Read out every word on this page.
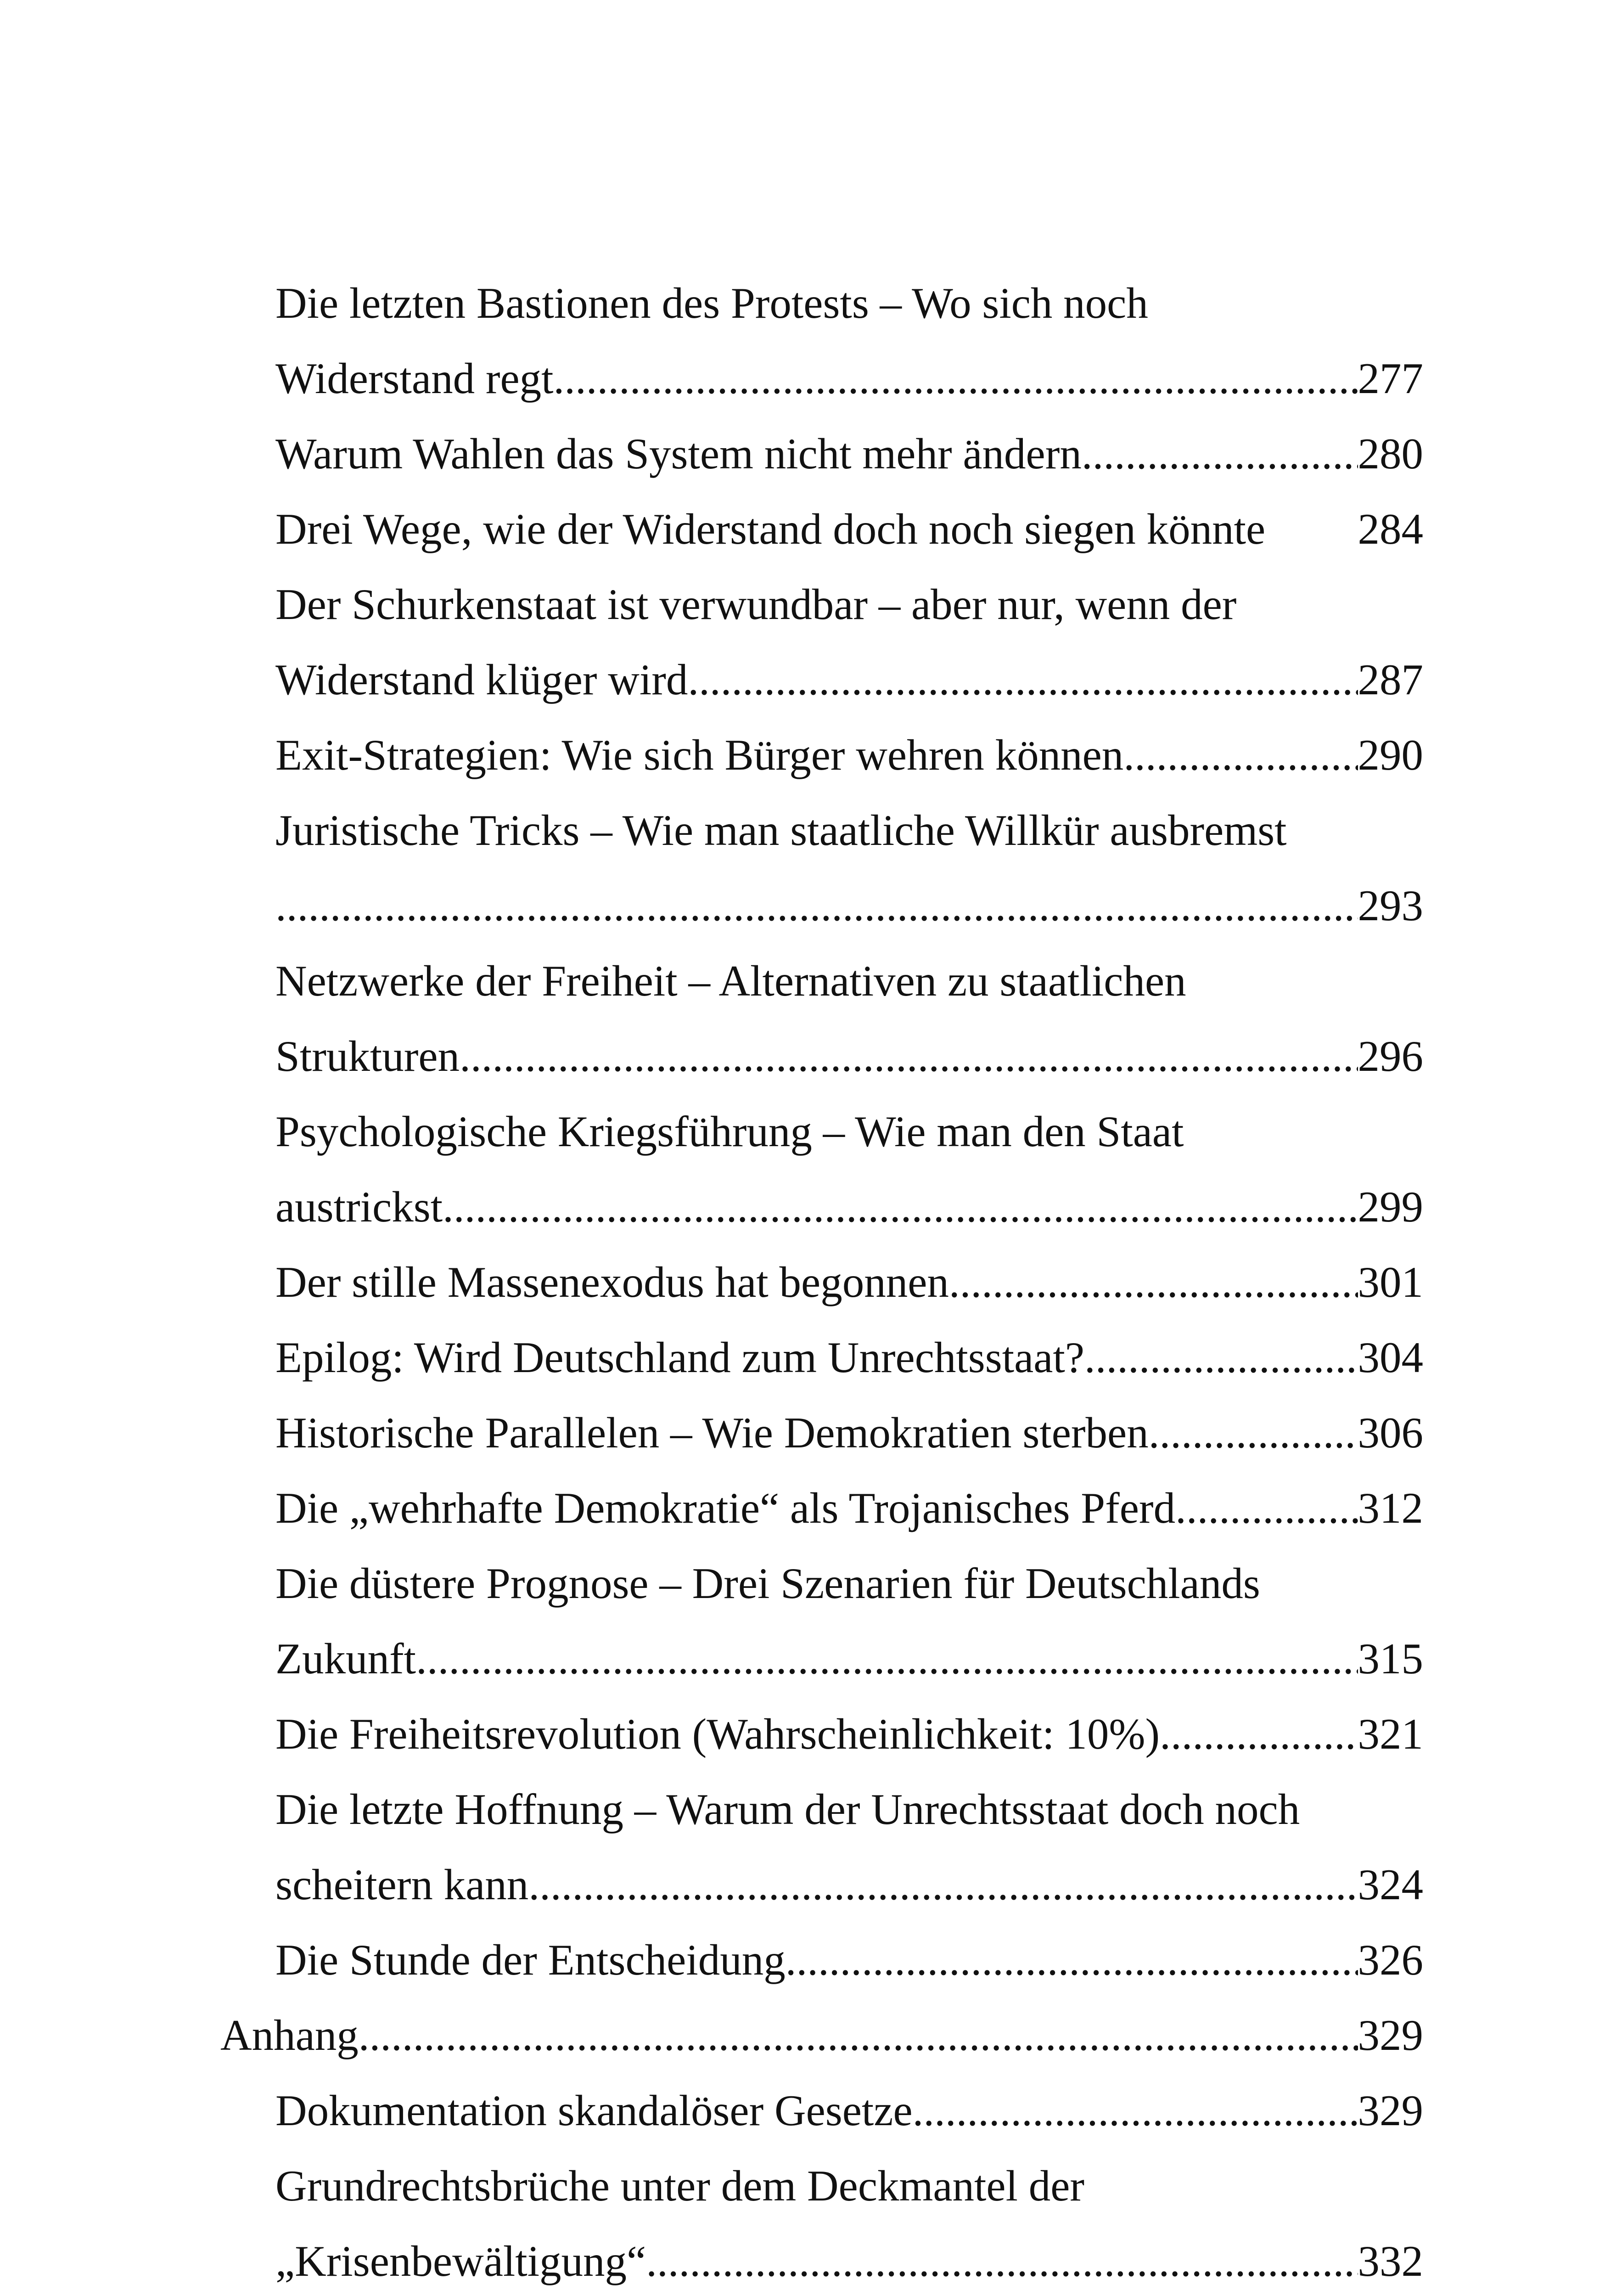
Die letzten Bastionen des Protests – Wo sich noch
Widerstand regt .....	277
Warum Wahlen das System nicht mehr ändern .....	280
Drei Wege, wie der Widerstand doch noch siegen könnte 284
Der Schurkenstaat ist verwundbar – aber nur, wenn der
Widerstand klüger wird .....	287
Exit-Strategien: Wie sich Bürger wehren können .....	290
Juristische Tricks – Wie man staatliche Willkür ausbremst
.....
293
Netzwerke der Freiheit – Alternativen zu staatlichen
Strukturen .....	296
Psychologische Kriegsführung – Wie man den Staat
austrickst .....	299
Der stille Massenexodus hat begonnen .....	301
Epilog: Wird Deutschland zum Unrechtsstaat? .....	304
Historische Parallelen – Wie Demokratien sterben .....	306
Die „wehrhafte Demokratie“ als Trojanisches Pferd .....	312
Die düstere Prognose – Drei Szenarien für Deutschlands
Zukunft .....	315
Die Freiheitsrevolution (Wahrscheinlichkeit: 10%) .....	321
Die letzte Hoffnung – Warum der Unrechtsstaat doch noch
scheitern kann .....	324
Die Stunde der Entscheidung .....	326
Anhang .....	329
Dokumentation skandalöser Gesetze .....	329
Grundrechtsbrüche unter dem Deckmantel der
„Krisenbewältigung“ .....	332
